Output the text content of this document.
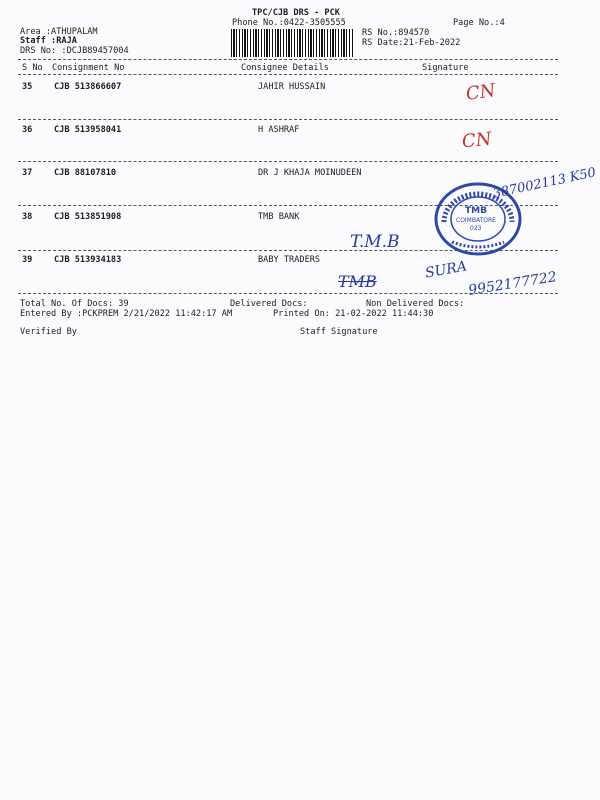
TPC/CJB DRS - PCK
Phone No.:0422-3505555	Page No.:4
Area :ATHUPALAM
Staff :RAJA
DRS No: :DCJB89457004
RS No.:894570
RS Date:21-Feb-2022
S No Consignment No	Consignee Details	Signature
35	CJB 513866607	JAHIR HUSSAIN
36	CJB 513958041	H ASHRAF
37	CJB 88107810	DR J KHAJA MOINUDEEN
38	CJB 513851908	TMB BANK
39	CJB 513934183	BABY TRADERS
CN
CN
T.M.B
TMB	SURA 9952177722
TMB
COIMBATORE
023
387002113 K50
Total No. Of Docs: 39	Delivered Docs:	Non Delivered Docs:
Entered By :PCKPREM 2/21/2022 11:42:17 AM	Printed On: 21-02-2022 11:44:30
Verified By	Staff Signature
